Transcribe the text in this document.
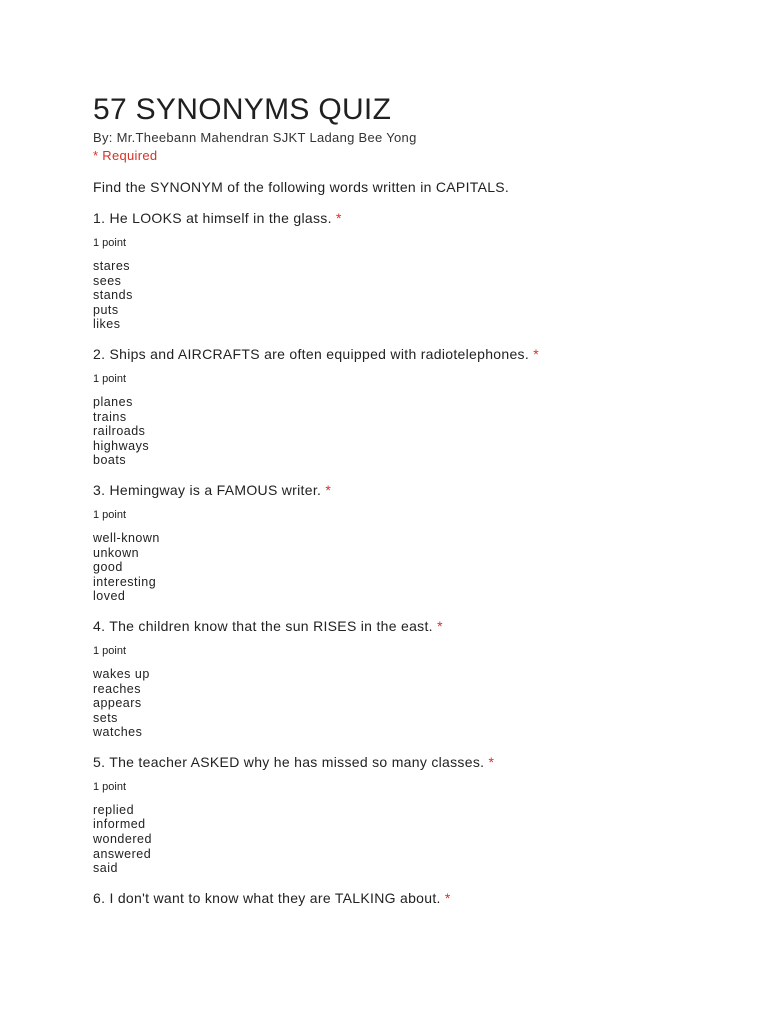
57 SYNONYMS QUIZ
By: Mr.Theebann Mahendran SJKT Ladang Bee Yong
* Required
Find the SYNONYM of the following words written in CAPITALS.
1. He LOOKS at himself in the glass. *
1 point
stares
sees
stands
puts
likes
2. Ships and AIRCRAFTS are often equipped with radiotelephones. *
1 point
planes
trains
railroads
highways
boats
3. Hemingway is a FAMOUS writer. *
1 point
well-known
unkown
good
interesting
loved
4. The children know that the sun RISES in the east. *
1 point
wakes up
reaches
appears
sets
watches
5. The teacher ASKED why he has missed so many classes. *
1 point
replied
informed
wondered
answered
said
6. I don't want to know what they are TALKING about. *
